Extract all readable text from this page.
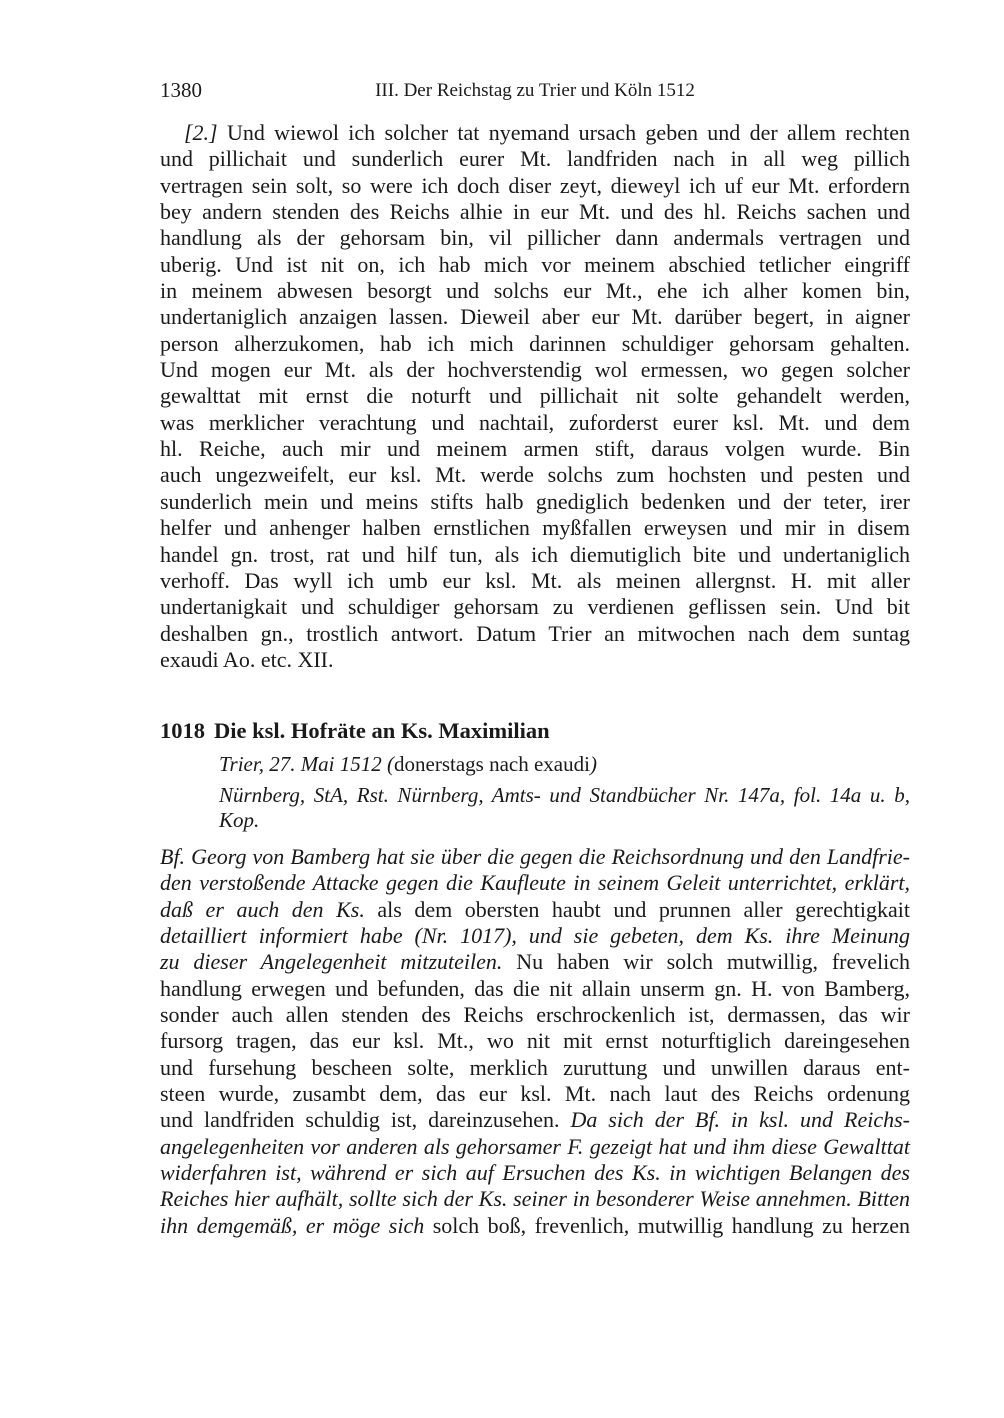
1380	III. Der Reichstag zu Trier und Köln 1512
[2.] Und wiewol ich solcher tat nyemand ursach geben und der allem rechten
und pillichait und sunderlich eurer Mt. landfriden nach in all weg pillich
vertragen sein solt, so were ich doch diser zeyt, dieweyl ich uf eur Mt. erfordern
bey andern stenden des Reichs alhie in eur Mt. und des hl. Reichs sachen und
handlung als der gehorsam bin, vil pillicher dann andermals vertragen und
uberig. Und ist nit on, ich hab mich vor meinem abschied tetlicher eingriff
in meinem abwesen besorgt und solchs eur Mt., ehe ich alher komen bin,
undertaniglich anzaigen lassen. Dieweil aber eur Mt. darüber begert, in aigner
person alherzukomen, hab ich mich darinnen schuldiger gehorsam gehalten.
Und mogen eur Mt. als der hochverstendig wol ermessen, wo gegen solcher
gewalttat mit ernst die noturft und pillichait nit solte gehandelt werden,
was merklicher verachtung und nachtail, zuforderst eurer ksl. Mt. und dem
hl. Reiche, auch mir und meinem armen stift, daraus volgen wurde. Bin
auch ungezweifelt, eur ksl. Mt. werde solchs zum hochsten und pesten und
sunderlich mein und meins stifts halb gnediglich bedenken und der teter, irer
helfer und anhenger halben ernstlichen myßfallen erweysen und mir in disem
handel gn. trost, rat und hilf tun, als ich diemutiglich bite und undertaniglich
verhoff. Das wyll ich umb eur ksl. Mt. als meinen allergnst. H. mit aller
undertanigkait und schuldiger gehorsam zu verdienen geflissen sein. Und bit
deshalben gn., trostlich antwort. Datum Trier an mitwochen nach dem suntag
exaudi Ao. etc. XII.
1018 Die ksl. Hofräte an Ks. Maximilian
Trier, 27. Mai 1512 (donerstags nach exaudi)
Nürnberg, StA, Rst. Nürnberg, Amts- und Standbücher Nr. 147a, fol. 14a u. b,
Kop.
Bf. Georg von Bamberg hat sie über die gegen die Reichsordnung und den Landfrie-
den verstoßende Attacke gegen die Kaufleute in seinem Geleit unterrichtet, erklärt,
daß er auch den Ks. als dem obersten haubt und prunnen aller gerechtigkait
detailliert informiert habe (Nr. 1017), und sie gebeten, dem Ks. ihre Meinung
zu dieser Angelegenheit mitzuteilen. Nu haben wir solch mutwillig, frevelich
handlung erwegen und befunden, das die nit allain unserm gn. H. von Bamberg,
sonder auch allen stenden des Reichs erschrockenlich ist, dermassen, das wir
fursorg tragen, das eur ksl. Mt., wo nit mit ernst noturftiglich dareingesehen
und fursehung bescheen solte, merklich zuruttung und unwillen daraus ent-
steen wurde, zusambt dem, das eur ksl. Mt. nach laut des Reichs ordenung
und landfriden schuldig ist, dareinzusehen. Da sich der Bf. in ksl. und Reichs-
angelegenheiten vor anderen als gehorsamer F. gezeigt hat und ihm diese Gewalttat
widerfahren ist, während er sich auf Ersuchen des Ks. in wichtigen Belangen des
Reiches hier aufhält, sollte sich der Ks. seiner in besonderer Weise annehmen. Bitten
ihn demgemäß, er möge sich solch boß, frevenlich, mutwillig handlung zu herzen
